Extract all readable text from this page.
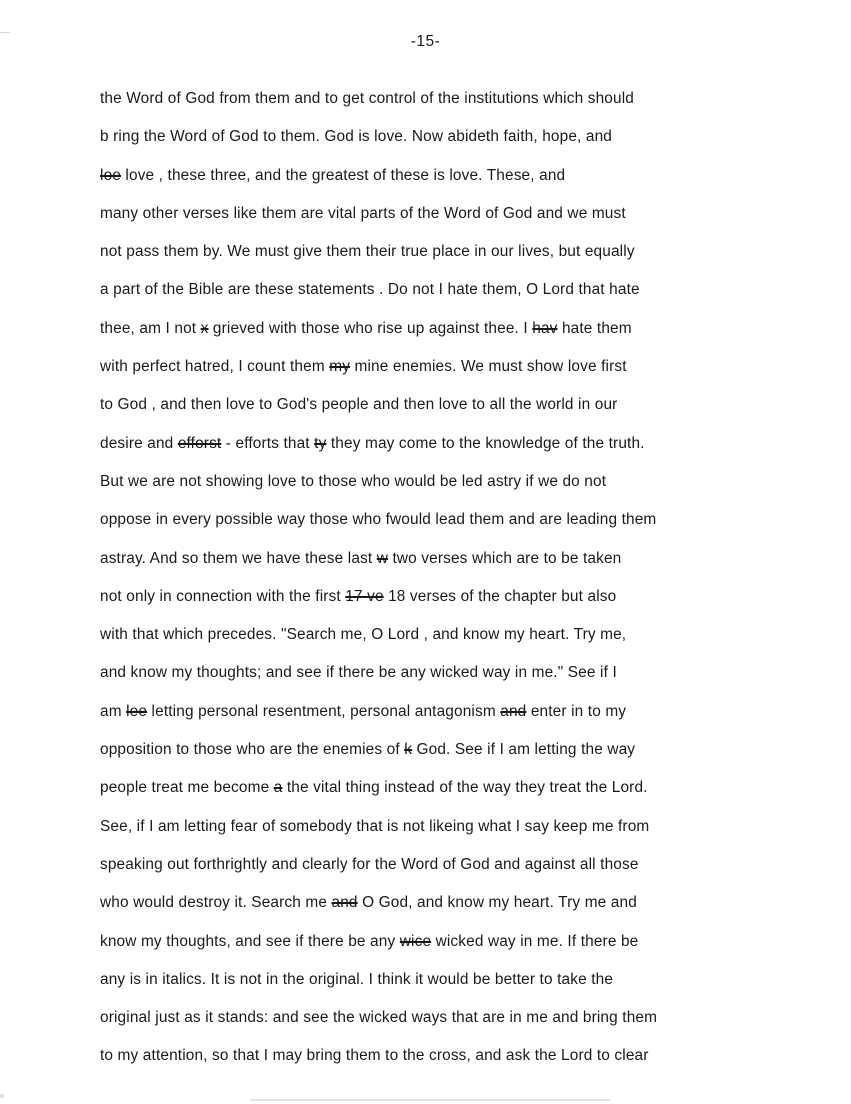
-15-
the Word of God from them and to get control of the institutions which should
b ring the Word of God to them. God is love. Now abideth faith, hope, and
loe love , these three, and the greatest of these is love. These, and
many other verses like them are vital parts of the Word of God and we must
not pass them by. We must give them their true place in our lives, but equally
a part of the Bible are these statements . Do not I hate them, O Lord that hate
thee, am I not x grieved with those who rise up against thee. I hav hate them
with perfect hatred, I count them my mine enemies. We must show love first
to God , and then love to God's people and then love to all the world in our
desire and efforst - efforts that ty they may come to the knowledge of the truth.
But we are not showing love to those who would be led astry if we do not
oppose in every possible way those who fwould lead them and are leading them
astray. And so them we have these last w two verses which are to be taken
not only in connection with the first 17 ve 18 verses of the chapter but also
with that which precedes. "Search me, O Lord , and know my heart. Try me,
and know my thoughts; and see if there be any wicked way in me." See if I
am lee letting personal resentment, personal antagonism and enter in to my
opposition to those who are the enemies of k God. See if I am letting the way
people treat me become a the vital thing instead of the way they treat the Lord.
See, if I am letting fear of somebody that is not likeing what I say keep me from
speaking out forthrightly and clearly for the Word of God and against all those
who would destroy it. Search me and O God, and know my heart. Try me and
know my thoughts, and see if there be any wice wicked way in me. If there be
any is in italics. It is not in the original. I think it would be better to take the
original just as it stands: and see the wicked ways that are in me and bring them
to my attention, so that I may bring them to the cross, and ask the Lord to clear
